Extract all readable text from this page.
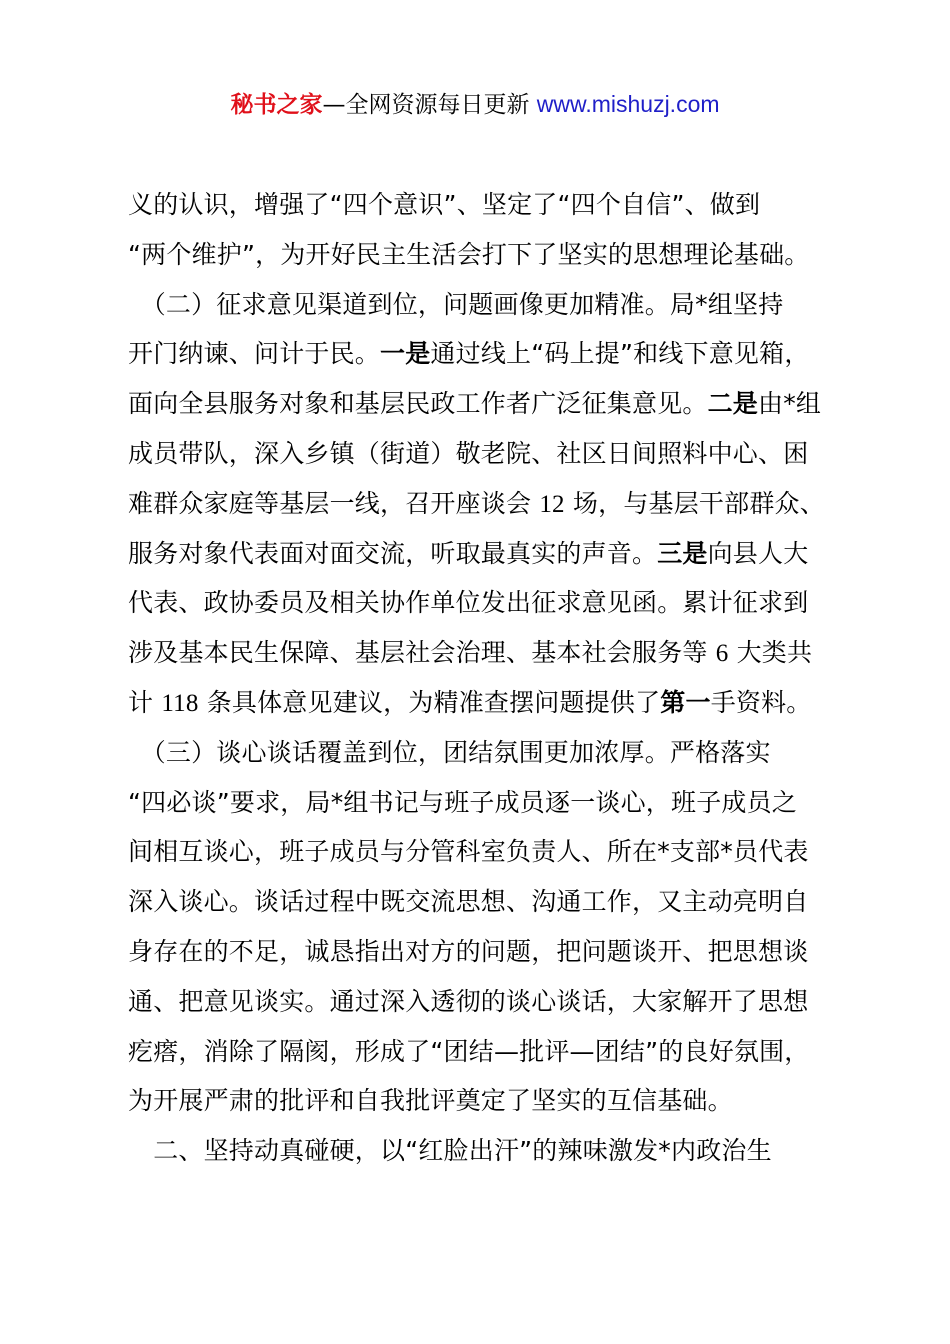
秘书之家—全网资源每日更新 www.mishuzj.com
义的认识，增强了“四个意识”、坚定了“四个自信”、做到
“两个维护”，为开好民主生活会打下了坚实的思想理论基础。
　（二）征求意见渠道到位，问题画像更加精准。局*组坚持
开门纳谏、问计于民。一是通过线上“码上提”和线下意见箱，
面向全县服务对象和基层民政工作者广泛征集意见。二是由*组
成员带队，深入乡镇（街道）敬老院、社区日间照料中心、困
难群众家庭等基层一线，召开座谈会 12 场，与基层干部群众、
服务对象代表面对面交流，听取最真实的声音。三是向县人大
代表、政协委员及相关协作单位发出征求意见函。累计征求到
涉及基本民生保障、基层社会治理、基本社会服务等 6 大类共
计 118 条具体意见建议，为精准查摆问题提供了第一手资料。
　（三）谈心谈话覆盖到位，团结氛围更加浓厚。严格落实
“四必谈”要求，局*组书记与班子成员逐一谈心，班子成员之
间相互谈心，班子成员与分管科室负责人、所在*支部*员代表
深入谈心。谈话过程中既交流思想、沟通工作，又主动亮明自
身存在的不足，诚恳指出对方的问题，把问题谈开、把思想谈
通、把意见谈实。通过深入透彻的谈心谈话，大家解开了思想
疙瘩，消除了隔阂，形成了“团结—批评—团结”的良好氛围，
为开展严肃的批评和自我批评奠定了坚实的互信基础。
　二、坚持动真碰硬，以“红脸出汗”的辣味激发*内政治生
